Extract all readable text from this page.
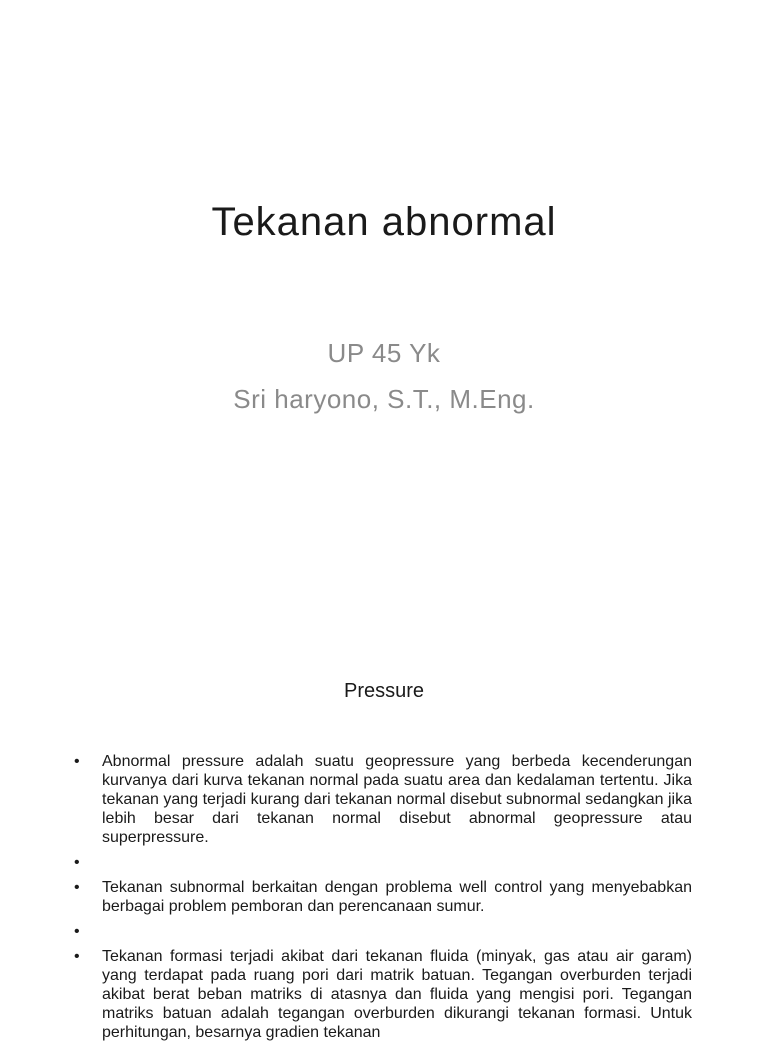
Tekanan abnormal
UP 45 Yk
Sri haryono, S.T., M.Eng.
Pressure
• Abnormal pressure adalah suatu geopressure yang berbeda kecenderungan kurvanya dari kurva tekanan normal pada suatu area dan kedalaman tertentu. Jika tekanan yang terjadi kurang dari tekanan normal disebut subnormal sedangkan jika lebih besar dari tekanan normal disebut abnormal geopressure atau superpressure.
•
• Tekanan subnormal berkaitan dengan problema well control yang menyebabkan berbagai problem pemboran dan perencanaan sumur.
•
• Tekanan formasi terjadi akibat dari tekanan fluida (minyak, gas atau air garam) yang terdapat pada ruang pori dari matrik batuan. Tegangan overburden terjadi akibat berat beban matriks di atasnya dan fluida yang mengisi pori. Tegangan matriks batuan adalah tegangan overburden dikurangi tekanan formasi. Untuk perhitungan, besarnya gradien tekanan
